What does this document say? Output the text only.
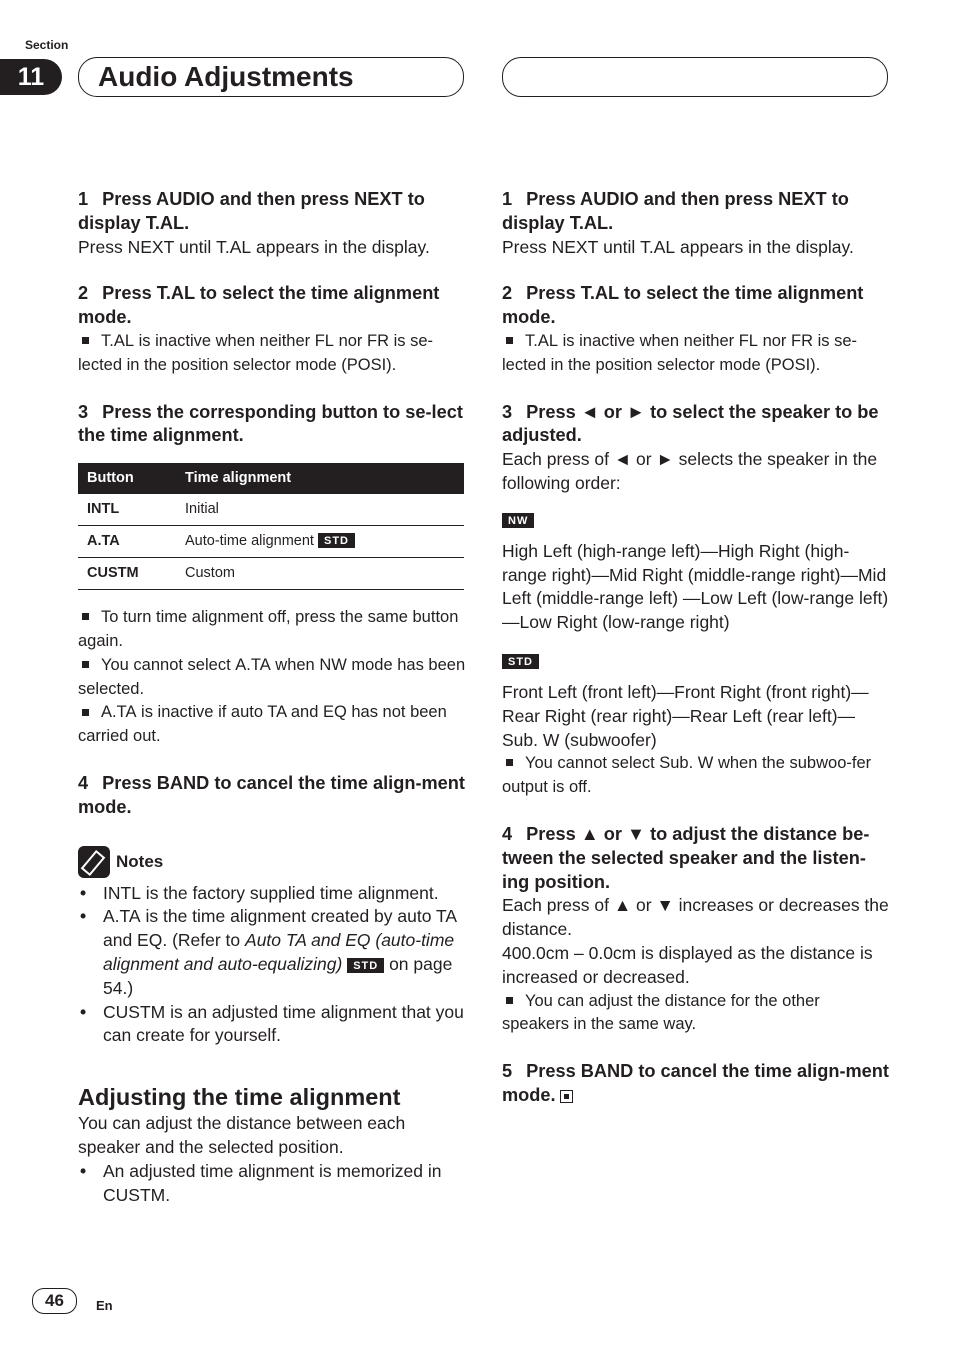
Section
11	Audio Adjustments

1 Press AUDIO and then press NEXT to display T.AL.

Press NEXT until T.AL appears in the display.

2 Press T.AL to select the time alignment mode.

T.AL is inactive when neither FL nor FR is se-lected in the position selector mode (POSI).

3 Press the corresponding button to se-lect the time alignment.

Button	Time alignment
INTL	Initial
A.TA	Auto-time alignment STD
CUSTM	Custom

To turn time alignment off, press the same button again.

You cannot select A.TA when NW mode has been selected.

A.TA is inactive if auto TA and EQ has not been carried out.

4 Press BAND to cancel the time align-ment mode.

Notes

• INTL is the factory supplied time alignment.

• A.TA is the time alignment created by auto TA and EQ. (Refer to Auto TA and EQ (auto-time alignment and auto-equalizing) STD on page 54.)

• CUSTM is an adjusted time alignment that you can create for yourself.

Adjusting the time alignment

You can adjust the distance between each speaker and the selected position.

• An adjusted time alignment is memorized in CUSTM.

1 Press AUDIO and then press NEXT to display T.AL.

Press NEXT until T.AL appears in the display.

2 Press T.AL to select the time alignment mode.

T.AL is inactive when neither FL nor FR is se-lected in the position selector mode (POSI).

3 Press ◄ or ► to select the speaker to be adjusted.

Each press of ◄ or ► selects the speaker in the following order:

NW

High Left (high-range left)—High Right (high-range right)—Mid Right (middle-range right)—Mid Left (middle-range left) —Low Left (low-range left)—Low Right (low-range right)

STD

Front Left (front left)—Front Right (front right)—Rear Right (rear right)—Rear Left (rear left)—Sub. W (subwoofer)

You cannot select Sub. W when the subwoo-fer output is off.

4 Press ▲ or ▼ to adjust the distance be-tween the selected speaker and the listen-ing position.

Each press of ▲ or ▼ increases or decreases the distance.

400.0cm – 0.0cm is displayed as the distance is increased or decreased.

You can adjust the distance for the other speakers in the same way.

5 Press BAND to cancel the time align-ment mode.

46	En
